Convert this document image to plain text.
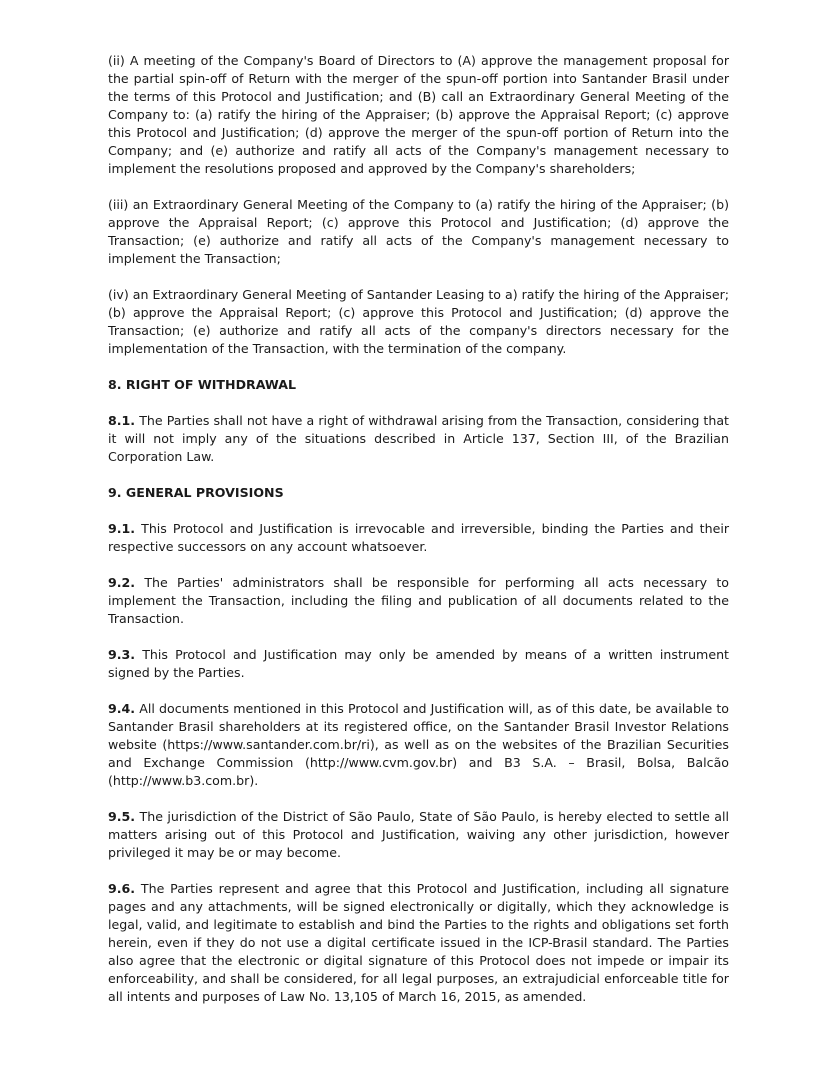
(ii) A meeting of the Company's Board of Directors to (A) approve the management proposal for the partial spin-off of Return with the merger of the spun-off portion into Santander Brasil under the terms of this Protocol and Justification; and (B) call an Extraordinary General Meeting of the Company to: (a) ratify the hiring of the Appraiser; (b) approve the Appraisal Report; (c) approve this Protocol and Justification; (d) approve the merger of the spun-off portion of Return into the Company; and (e) authorize and ratify all acts of the Company's management necessary to implement the resolutions proposed and approved by the Company's shareholders;

(iii) an Extraordinary General Meeting of the Company to (a) ratify the hiring of the Appraiser; (b) approve the Appraisal Report; (c) approve this Protocol and Justification; (d) approve the Transaction; (e) authorize and ratify all acts of the Company's management necessary to implement the Transaction;

(iv) an Extraordinary General Meeting of Santander Leasing to a) ratify the hiring of the Appraiser; (b) approve the Appraisal Report; (c) approve this Protocol and Justification; (d) approve the Transaction; (e) authorize and ratify all acts of the company's directors necessary for the implementation of the Transaction, with the termination of the company.

8. RIGHT OF WITHDRAWAL

8.1. The Parties shall not have a right of withdrawal arising from the Transaction, considering that it will not imply any of the situations described in Article 137, Section III, of the Brazilian Corporation Law.

9. GENERAL PROVISIONS

9.1. This Protocol and Justification is irrevocable and irreversible, binding the Parties and their respective successors on any account whatsoever.

9.2. The Parties' administrators shall be responsible for performing all acts necessary to implement the Transaction, including the filing and publication of all documents related to the Transaction.

9.3. This Protocol and Justification may only be amended by means of a written instrument signed by the Parties.

9.4. All documents mentioned in this Protocol and Justification will, as of this date, be available to Santander Brasil shareholders at its registered office, on the Santander Brasil Investor Relations website (https://www.santander.com.br/ri), as well as on the websites of the Brazilian Securities and Exchange Commission (http://www.cvm.gov.br) and B3 S.A. – Brasil, Bolsa, Balcão (http://www.b3.com.br).

9.5. The jurisdiction of the District of São Paulo, State of São Paulo, is hereby elected to settle all matters arising out of this Protocol and Justification, waiving any other jurisdiction, however privileged it may be or may become.

9.6. The Parties represent and agree that this Protocol and Justification, including all signature pages and any attachments, will be signed electronically or digitally, which they acknowledge is legal, valid, and legitimate to establish and bind the Parties to the rights and obligations set forth herein, even if they do not use a digital certificate issued in the ICP-Brasil standard. The Parties also agree that the electronic or digital signature of this Protocol does not impede or impair its enforceability, and shall be considered, for all legal purposes, an extrajudicial enforceable title for all intents and purposes of Law No. 13,105 of March 16, 2015, as amended.
